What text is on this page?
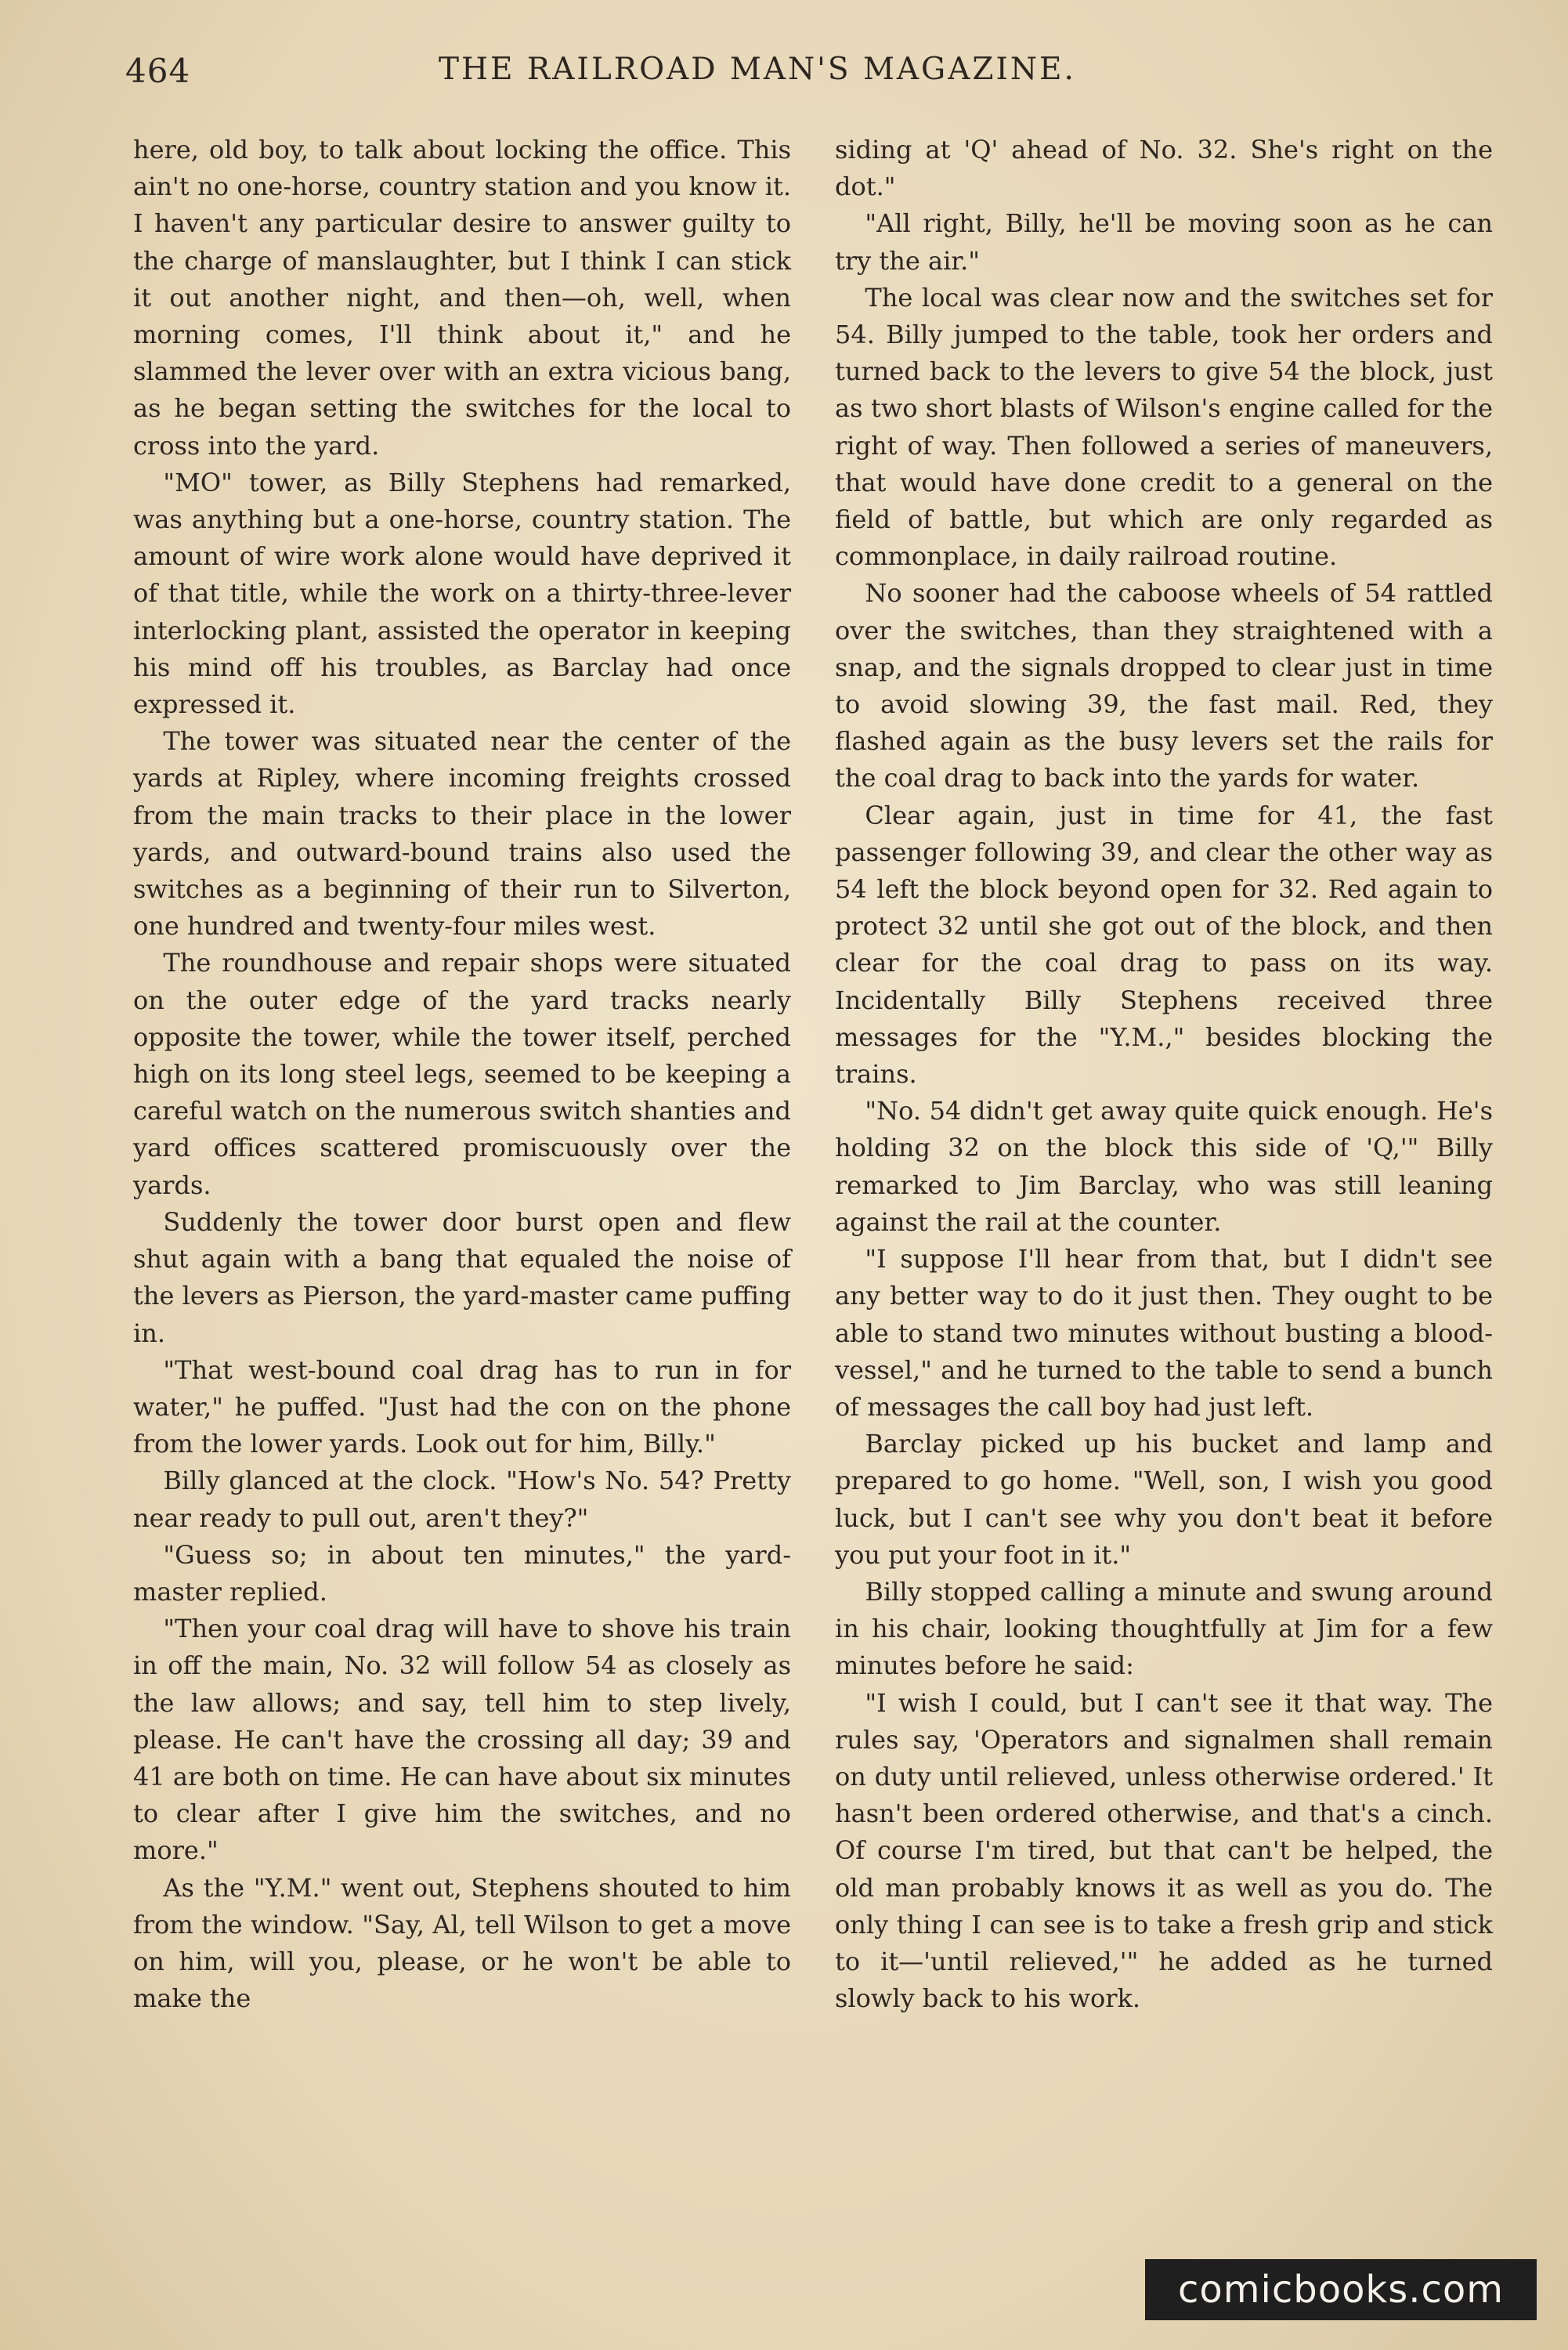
464	THE RAILROAD MAN'S MAGAZINE.

here, old boy, to talk about locking the office. This ain't no one-horse, country station and you know it. I haven't any particular desire to answer guilty to the charge of manslaughter, but I think I can stick it out another night, and then—oh, well, when morning comes, I'll think about it," and he slammed the lever over with an extra vicious bang, as he began setting the switches for the local to cross into the yard.

"MO" tower, as Billy Stephens had remarked, was anything but a one-horse, country station. The amount of wire work alone would have deprived it of that title, while the work on a thirty-three-lever interlocking plant, assisted the operator in keeping his mind off his troubles, as Barclay had once expressed it.

The tower was situated near the center of the yards at Ripley, where incoming freights crossed from the main tracks to their place in the lower yards, and outward-bound trains also used the switches as a beginning of their run to Silverton, one hundred and twenty-four miles west.

The roundhouse and repair shops were situated on the outer edge of the yard tracks nearly opposite the tower, while the tower itself, perched high on its long steel legs, seemed to be keeping a careful watch on the numerous switch shanties and yard offices scattered promiscuously over the yards.

Suddenly the tower door burst open and flew shut again with a bang that equaled the noise of the levers as Pierson, the yard-master came puffing in.

"That west-bound coal drag has to run in for water," he puffed. "Just had the con on the phone from the lower yards. Look out for him, Billy."

Billy glanced at the clock. "How's No. 54? Pretty near ready to pull out, aren't they?"

"Guess so; in about ten minutes," the yard-master replied.

"Then your coal drag will have to shove his train in off the main, No. 32 will follow 54 as closely as the law allows; and say, tell him to step lively, please. He can't have the crossing all day; 39 and 41 are both on time. He can have about six minutes to clear after I give him the switches, and no more."

As the "Y.M." went out, Stephens shouted to him from the window. "Say, Al, tell Wilson to get a move on him, will you, please, or he won't be able to make the

siding at 'Q' ahead of No. 32. She's right on the dot."

"All right, Billy, he'll be moving soon as he can try the air."

The local was clear now and the switches set for 54. Billy jumped to the table, took her orders and turned back to the levers to give 54 the block, just as two short blasts of Wilson's engine called for the right of way. Then followed a series of maneuvers, that would have done credit to a general on the field of battle, but which are only regarded as commonplace, in daily railroad routine.

No sooner had the caboose wheels of 54 rattled over the switches, than they straightened with a snap, and the signals dropped to clear just in time to avoid slowing 39, the fast mail. Red, they flashed again as the busy levers set the rails for the coal drag to back into the yards for water.

Clear again, just in time for 41, the fast passenger following 39, and clear the other way as 54 left the block beyond open for 32. Red again to protect 32 until she got out of the block, and then clear for the coal drag to pass on its way. Incidentally Billy Stephens received three messages for the "Y.M.," besides blocking the trains.

"No. 54 didn't get away quite quick enough. He's holding 32 on the block this side of 'Q,'" Billy remarked to Jim Barclay, who was still leaning against the rail at the counter.

"I suppose I'll hear from that, but I didn't see any better way to do it just then. They ought to be able to stand two minutes without busting a blood-vessel," and he turned to the table to send a bunch of messages the call boy had just left.

Barclay picked up his bucket and lamp and prepared to go home. "Well, son, I wish you good luck, but I can't see why you don't beat it before you put your foot in it."

Billy stopped calling a minute and swung around in his chair, looking thoughtfully at Jim for a few minutes before he said:

"I wish I could, but I can't see it that way. The rules say, 'Operators and signalmen shall remain on duty until relieved, unless otherwise ordered.' It hasn't been ordered otherwise, and that's a cinch. Of course I'm tired, but that can't be helped, the old man probably knows it as well as you do. The only thing I can see is to take a fresh grip and stick to it—'until relieved,'" he added as he turned slowly back to his work.

comicbooks.com
